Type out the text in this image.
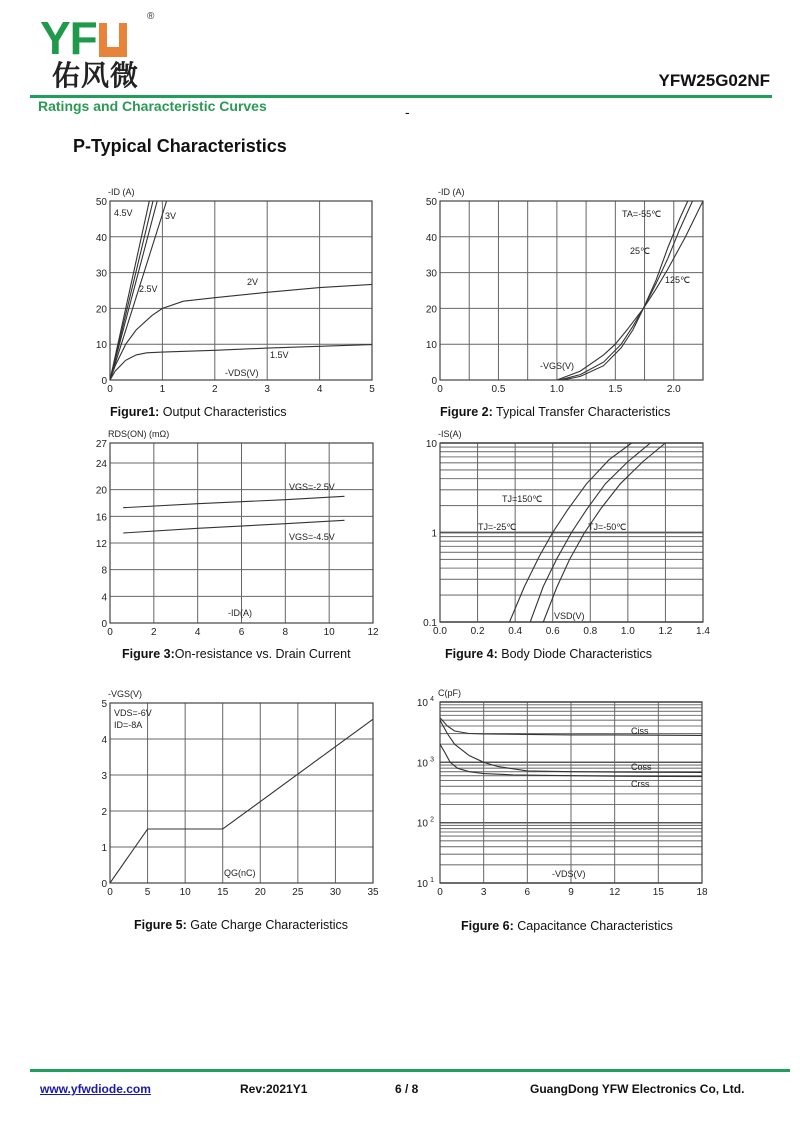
YF	®
佑风微	YFW25G02NF
Ratings and Characteristic Curves	-
P-Typical Characteristics
0	1	2	3	4	5
0
10
20
30
40
50
-ID (A)
-VDS(V)
4.5V	3V
2.5V
2V
1.5V
0	0.5	1.0	1.5	2.0
0
10
20
30
40
50
-ID (A)
-VGS(V)
TA=-55℃
25℃
125℃
0	2	4	6	8	10	12
0
4
8
12
16
20
24
27
RDS(ON) (mΩ)
-ID(A)
VGS=-2.5V
VGS=-4.5V
0.0 0.2 0.4 0.6 0.8 1.0 1.2 1.4
0.1
1
10
-IS(A)
VSD(V)
TJ=150℃
TJ=-25℃	TJ=-50℃
0	5	10	15	20	25	30	35
0
1
2
3
4
5
-VGS(V)
QG(nC)
VDS=-6V
ID=-8A
0	3	6	9	12	15	18
10 1
10 2
10 3
10 4
C(pF)
-VDS(V)
Ciss
Coss
Crss
Figure1: Output Characteristics	Figure 2: Typical Transfer Characteristics
Figure 3:On-resistance vs. Drain Current	Figure 4: Body Diode Characteristics
Figure 5: Gate Charge Characteristics	Figure 6: Capacitance Characteristics
www.yfwdiode.com	Rev:2021Y1	6 / 8	GuangDong YFW Electronics Co, Ltd.
